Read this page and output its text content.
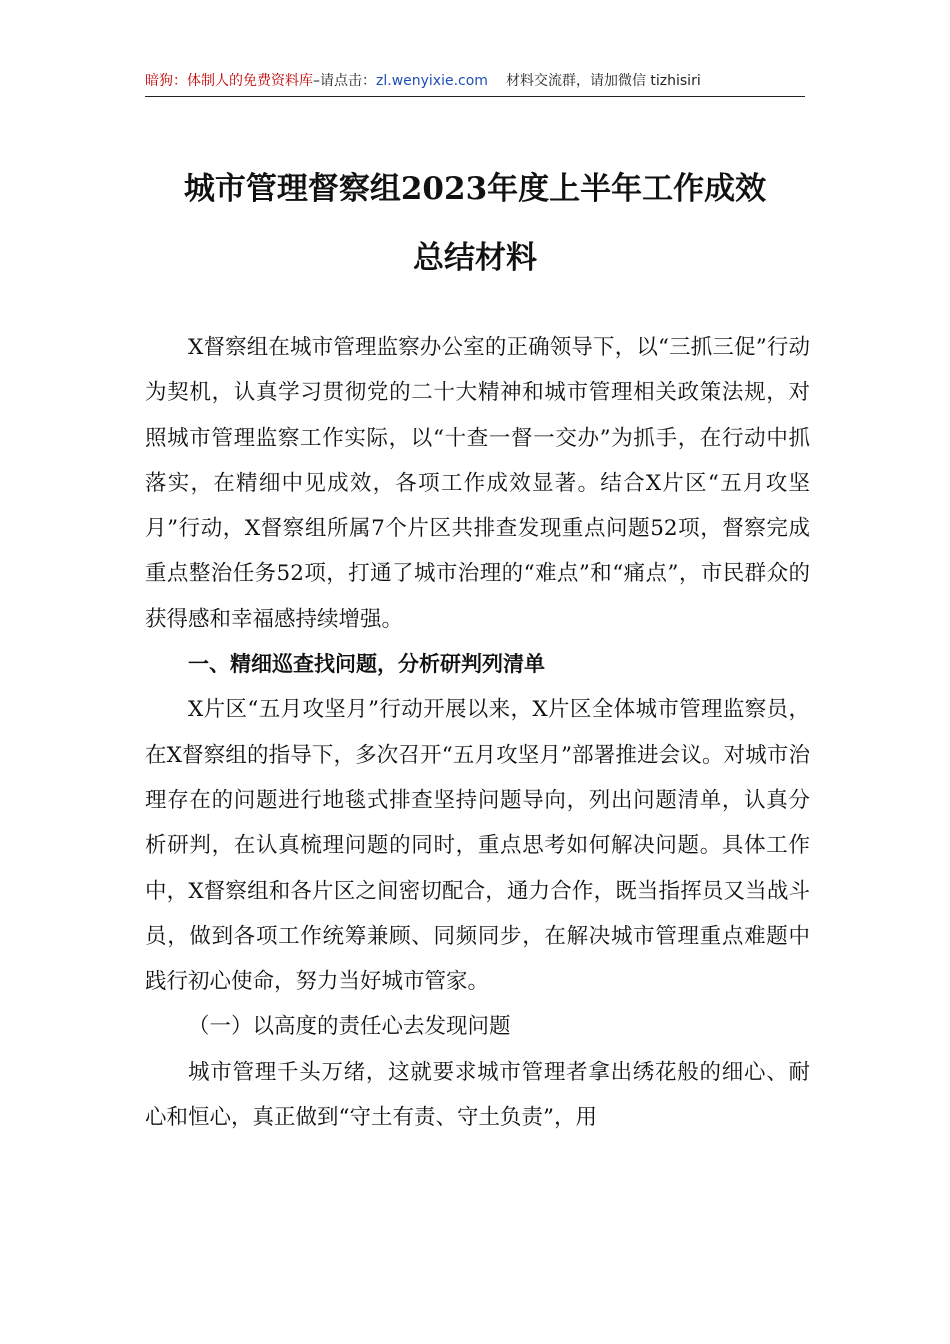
暗狗：体制人的免费资料库–请点击：zl.wenyixie.com 材料交流群，请加微信 tizhisiri
城市管理督察组2023年度上半年工作成效
总结材料

X督察组在城市管理监察办公室的正确领导下，以“三抓三促”行动为契机，认真学习贯彻党的二十大精神和城市管理相关政策法规，对照城市管理监察工作实际，以“十查一督一交办”为抓手，在行动中抓落实，在精细中见成效，各项工作成效显著。结合X片区“五月攻坚月”行动，X督察组所属7个片区共排查发现重点问题52项，督察完成重点整治任务52项，打通了城市治理的“难点”和“痛点”，市民群众的获得感和幸福感持续增强。

一、精细巡查找问题，分析研判列清单

X片区“五月攻坚月”行动开展以来，X片区全体城市管理监察员，在X督察组的指导下，多次召开“五月攻坚月”部署推进会议。对城市治理存在的问题进行地毯式排查坚持问题导向，列出问题清单，认真分析研判，在认真梳理问题的同时，重点思考如何解决问题。具体工作中，X督察组和各片区之间密切配合，通力合作，既当指挥员又当战斗员，做到各项工作统筹兼顾、同频同步，在解决城市管理重点难题中践行初心使命，努力当好城市管家。

（一）以高度的责任心去发现问题

城市管理千头万绪，这就要求城市管理者拿出绣花般的细心、耐心和恒心，真正做到“守土有责、守土负责”，用
